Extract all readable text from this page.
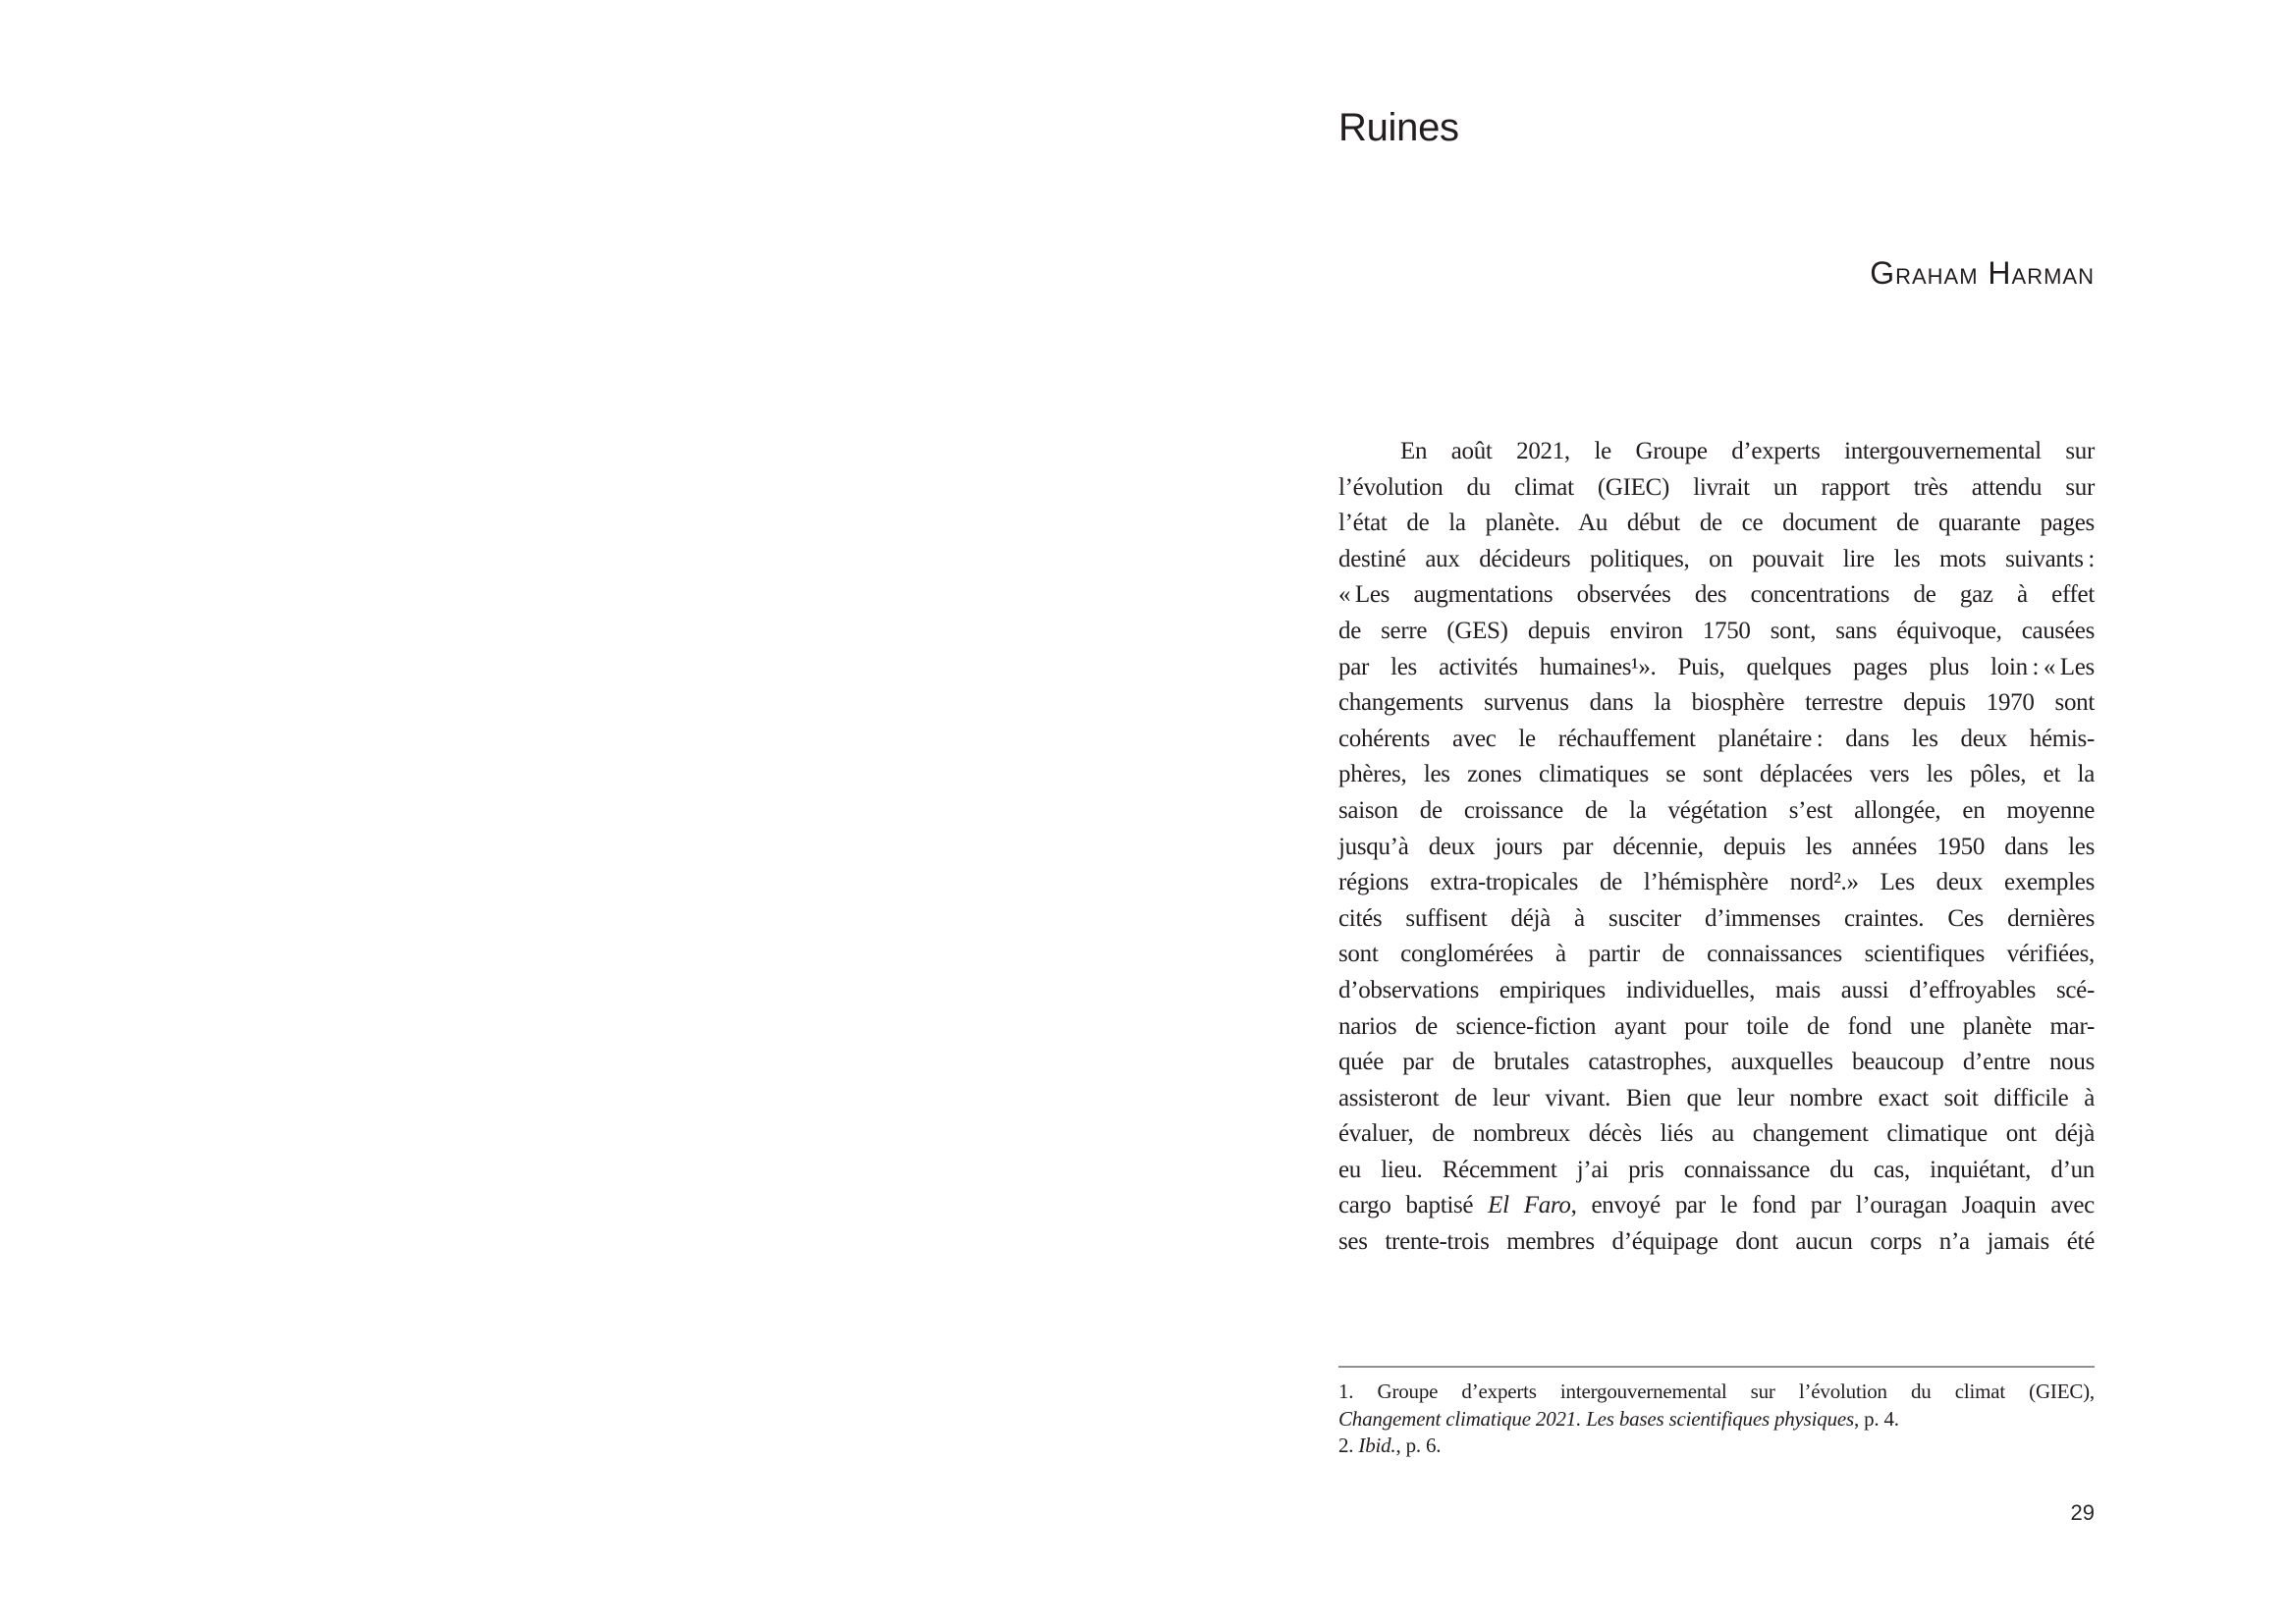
Ruines
Graham Harman
En août 2021, le Groupe d’experts intergouvernemental sur
l’évolution du climat (GIEC) livrait un rapport très attendu sur
l’état de la planète. Au début de ce document de quarante pages
destiné aux décideurs politiques, on pouvait lire les mots suivants :
« Les augmentations observées des concentrations de gaz à effet
de serre (GES) depuis environ 1750 sont, sans équivoque, causées
par les activités humaines¹». Puis, quelques pages plus loin : « Les
changements survenus dans la biosphère terrestre depuis 1970 sont
cohérents avec le réchauffement planétaire : dans les deux hémis-
phères, les zones climatiques se sont déplacées vers les pôles, et la
saison de croissance de la végétation s’est allongée, en moyenne
jusqu’à deux jours par décennie, depuis les années 1950 dans les
régions extra-tropicales de l’hémisphère nord².» Les deux exemples
cités suffisent déjà à susciter d’immenses craintes. Ces dernières
sont conglomérées à partir de connaissances scientifiques vérifiées,
d’observations empiriques individuelles, mais aussi d’effroyables scé-
narios de science-fiction ayant pour toile de fond une planète mar-
quée par de brutales catastrophes, auxquelles beaucoup d’entre nous
assisteront de leur vivant. Bien que leur nombre exact soit difficile à
évaluer, de nombreux décès liés au changement climatique ont déjà
eu lieu. Récemment j’ai pris connaissance du cas, inquiétant, d’un
cargo baptisé El Faro, envoyé par le fond par l’ouragan Joaquin avec
ses trente-trois membres d’équipage dont aucun corps n’a jamais été
1. Groupe d’experts intergouvernemental sur l’évolution du climat (GIEC),
Changement climatique 2021. Les bases scientifiques physiques, p. 4.
2. Ibid., p. 6.
29
